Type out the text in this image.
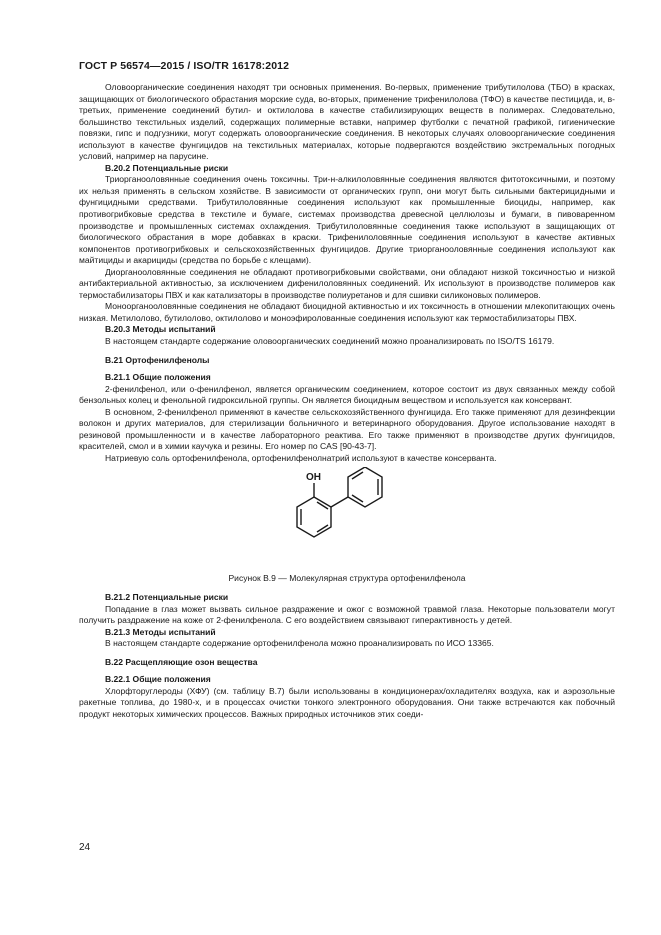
ГОСТ Р 56574—2015 / ISO/TR 16178:2012

Оловоорганические соединения находят три основных применения. Во-первых, применение трибутилолова (ТБО) в красках, защищающих от биологического обрастания морские суда, во-вторых, применение трифенилолова (ТФО) в качестве пестицида, и, в-третьих, применение соединений бутил- и октилолова в качестве стабилизирующих веществ в полимерах. Следовательно, большинство текстильных изделий, содержащих полимерные вставки, например футболки с печатной графикой, гигиенические повязки, гипс и подгузники, могут содержать оловоорганические соединения. В некоторых случаях оловоорганические соединения используют в качестве фунгицидов на текстильных материалах, которые подвергаются воздействию экстремальных погодных условий, например на парусине.

В.20.2 Потенциальные риски

Триорганооловянные соединения очень токсичны. Три-н-алкилоловянные соединения являются фитотоксичными, и поэтому их нельзя применять в сельском хозяйстве. В зависимости от органических групп, они могут быть сильными бактерицидными и фунгицидными средствами. Трибутилоловянные соединения используют как промышленные биоциды, например, как противогрибковые средства в текстиле и бумаге, системах производства древесной целлюлозы и бумаги, в пивоваренном производстве и промышленных системах охлаждения. Трибутилоловянные соединения также используют в защищающих от биологического обрастания в море добавках в краски. Трифенилоловянные соединения используют в качестве активных компонентов противогрибковых и сельскохозяйственных фунгицидов. Другие триорганооловянные соединения используют как майтициды и акарициды (средства по борьбе с клещами).

Диорганооловянные соединения не обладают противогрибковыми свойствами, они обладают низкой токсичностью и низкой антибактериальной активностью, за исключением дифенилоловянных соединений. Их используют в производстве полимеров как термостабилизаторы ПВХ и как катализаторы в производстве полиуретанов и для сшивки силиконовых полимеров.

Моноорганооловянные соединения не обладают биоцидной активностью и их токсичность в отношении млекопитающих очень низкая. Метилолово, бутилолово, октилолово и моноэфиролованные соединения используют как термостабилизаторы ПВХ.

В.20.3 Методы испытаний

В настоящем стандарте содержание оловоорганических соединений можно проанализировать по ISO/TS 16179.

В.21 Ортофенилфенолы
В.21.1 Общие положения

2-фенилфенол, или о-фенилфенол, является органическим соединением, которое состоит из двух связанных между собой бензольных колец и фенольной гидроксильной группы. Он является биоцидным веществом и используется как консервант.

В основном, 2-фенилфенол применяют в качестве сельскохозяйственного фунгицида. Его также применяют для дезинфекции волокон и других материалов, для стерилизации больничного и ветеринарного оборудования. Другое использование находят в резиновой промышленности и в качестве лабораторного реактива. Его также применяют в производстве других фунгицидов, красителей, смол и в химии каучука и резины. Его номер по CAS [90-43-7].

Натриевую соль ортофенилфенола, ортофенилфенолнатрий используют в качестве консерванта.

OH

Рисунок В.9 — Молекулярная структура ортофенилфенола

В.21.2 Потенциальные риски

Попадание в глаз может вызвать сильное раздражение и ожог с возможной травмой глаза. Некоторые пользователи могут получить раздражение на коже от 2-фенилфенола. С его воздействием связывают гиперактивность у детей.

В.21.3 Методы испытаний

В настоящем стандарте содержание ортофенилфенола можно проанализировать по ИСО 13365.

В.22 Расщепляющие озон вещества
В.22.1 Общие положения

Хлорфторуглероды (ХФУ) (см. таблицу В.7) были использованы в кондиционерах/охладителях воздуха, как и аэрозольные ракетные топлива, до 1980-х, и в процессах очистки тонкого электронного оборудования. Они также встречаются как побочный продукт некоторых химических процессов. Важных природных источников этих соеди-

24
